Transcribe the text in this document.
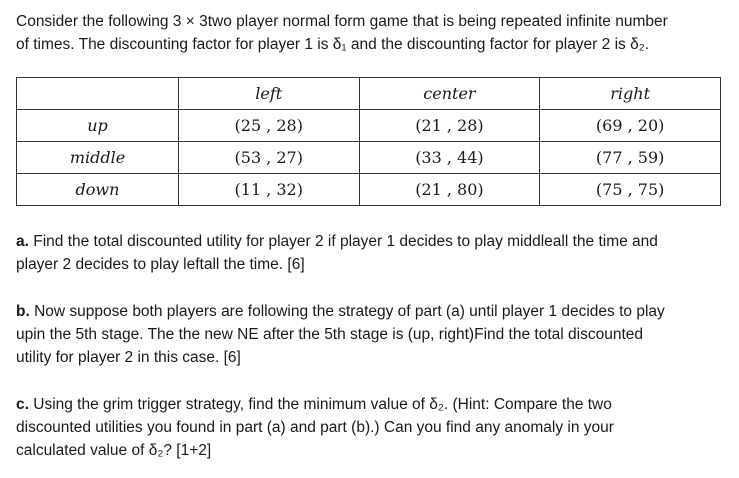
Consider the following 3 × 3two player normal form game that is being repeated infinite number
of times. The discounting factor for player 1 is δ₁ and the discounting factor for player 2 is δ₂.

	left	center	right
up	(25 , 28)	(21 , 28)	(69 , 20)
middle	(53 , 27)	(33 , 44)	(77 , 59)
down	(11 , 32)	(21 , 80)	(75 , 75)

a. Find the total discounted utility for player 2 if player 1 decides to play middleall the time and
player 2 decides to play leftall the time. [6]

b. Now suppose both players are following the strategy of part (a) until player 1 decides to play
upin the 5th stage. The the new NE after the 5th stage is (up, right)Find the total discounted
utility for player 2 in this case. [6]

c. Using the grim trigger strategy, find the minimum value of δ₂. (Hint: Compare the two
discounted utilities you found in part (a) and part (b).) Can you find any anomaly in your
calculated value of δ₂? [1+2]
